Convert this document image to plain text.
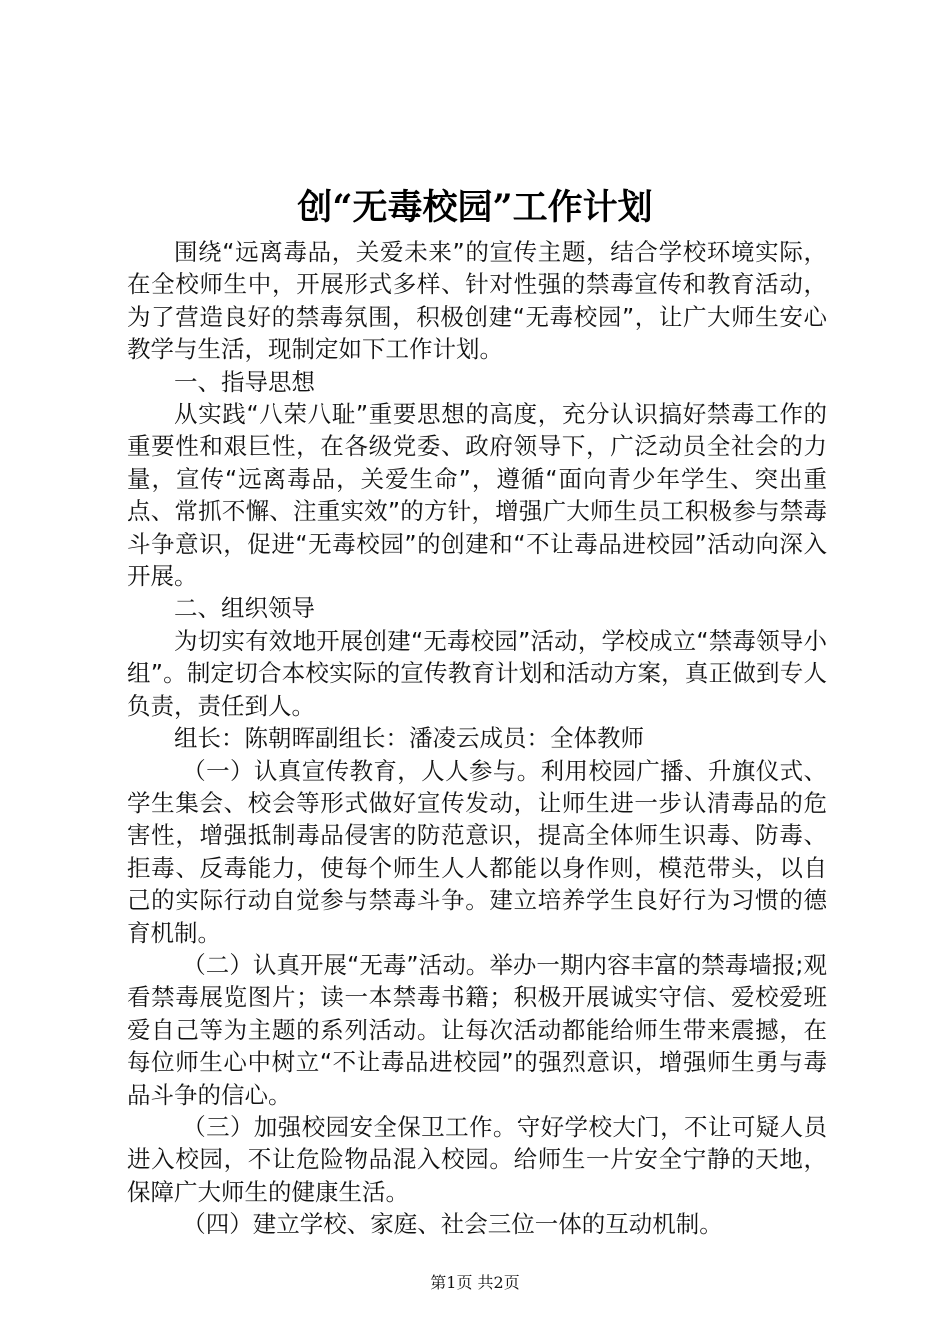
创“无毒校园”工作计划

围绕“远离毒品，关爱未来”的宣传主题，结合学校环境实际，在全校师生中，开展形式多样、针对性强的禁毒宣传和教育活动，为了营造良好的禁毒氛围，积极创建“无毒校园”，让广大师生安心教学与生活，现制定如下工作计划。

一、指导思想

从实践“八荣八耻”重要思想的高度，充分认识搞好禁毒工作的重要性和艰巨性，在各级党委、政府领导下，广泛动员全社会的力量，宣传“远离毒品，关爱生命”，遵循“面向青少年学生、突出重点、常抓不懈、注重实效”的方针，增强广大师生员工积极参与禁毒斗争意识，促进“无毒校园”的创建和“不让毒品进校园”活动向深入开展。

二、组织领导

为切实有效地开展创建“无毒校园”活动，学校成立“禁毒领导小组”。制定切合本校实际的宣传教育计划和活动方案，真正做到专人负责，责任到人。

组长：陈朝晖副组长：潘凌云成员：全体教师

（一）认真宣传教育，人人参与。利用校园广播、升旗仪式、学生集会、校会等形式做好宣传发动，让师生进一步认清毒品的危害性，增强抵制毒品侵害的防范意识，提高全体师生识毒、防毒、拒毒、反毒能力，使每个师生人人都能以身作则，模范带头，以自己的实际行动自觉参与禁毒斗争。建立培养学生良好行为习惯的德育机制。

（二）认真开展“无毒”活动。举办一期内容丰富的禁毒墙报;观看禁毒展览图片；读一本禁毒书籍；积极开展诚实守信、爱校爱班爱自己等为主题的系列活动。让每次活动都能给师生带来震撼，在每位师生心中树立“不让毒品进校园”的强烈意识，增强师生勇与毒品斗争的信心。

（三）加强校园安全保卫工作。守好学校大门，不让可疑人员进入校园，不让危险物品混入校园。给师生一片安全宁静的天地，保障广大师生的健康生活。

（四）建立学校、家庭、社会三位一体的互动机制。

第1页 共2页
